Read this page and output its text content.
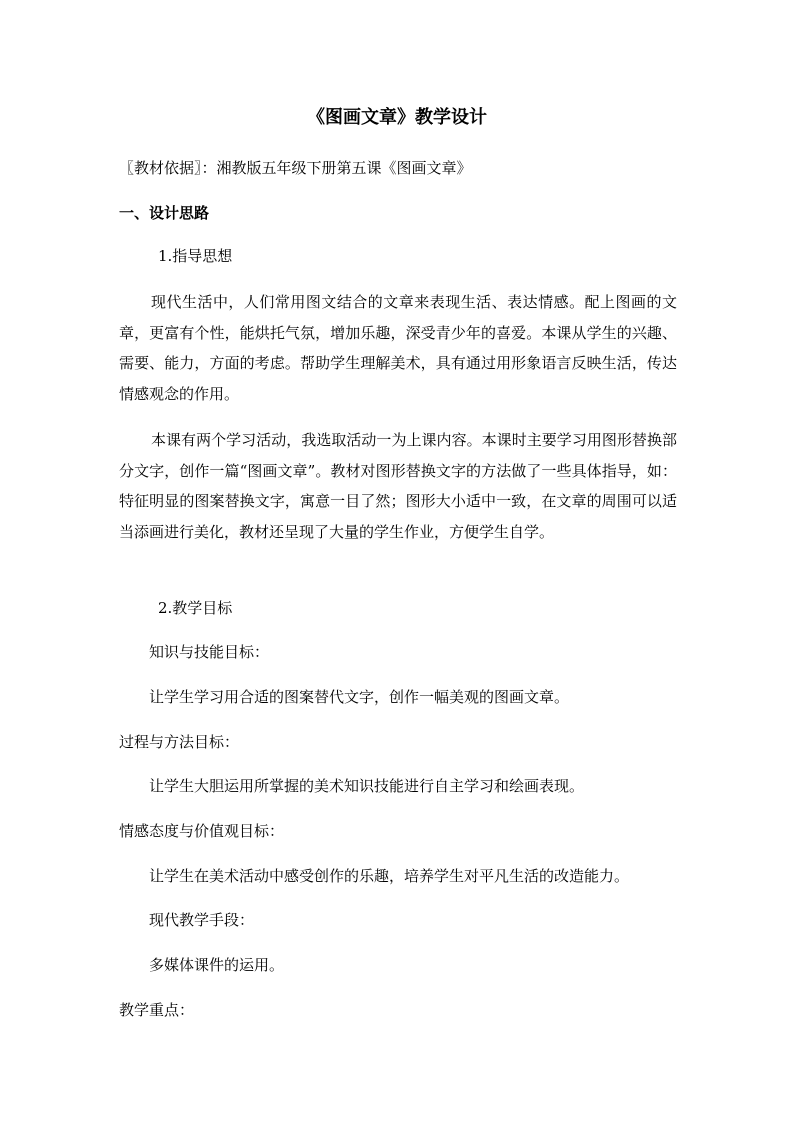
《图画文章》教学设计
〖教材依据〗：湘教版五年级下册第五课《图画文章》
一、设计思路
1.指导思想
现代生活中，人们常用图文结合的文章来表现生活、表达情感。配上图画的文章，更富有个性，能烘托气氛，增加乐趣，深受青少年的喜爱。本课从学生的兴趣、需要、能力，方面的考虑。帮助学生理解美术，具有通过用形象语言反映生活，传达情感观念的作用。
本课有两个学习活动，我选取活动一为上课内容。本课时主要学习用图形替换部分文字，创作一篇“图画文章”。教材对图形替换文字的方法做了一些具体指导，如：特征明显的图案替换文字，寓意一目了然；图形大小适中一致，在文章的周围可以适当添画进行美化，教材还呈现了大量的学生作业，方便学生自学。
2.教学目标
知识与技能目标：
让学生学习用合适的图案替代文字，创作一幅美观的图画文章。
过程与方法目标：
让学生大胆运用所掌握的美术知识技能进行自主学习和绘画表现。
情感态度与价值观目标：
让学生在美术活动中感受创作的乐趣，培养学生对平凡生活的改造能力。
现代教学手段：
多媒体课件的运用。
教学重点：
